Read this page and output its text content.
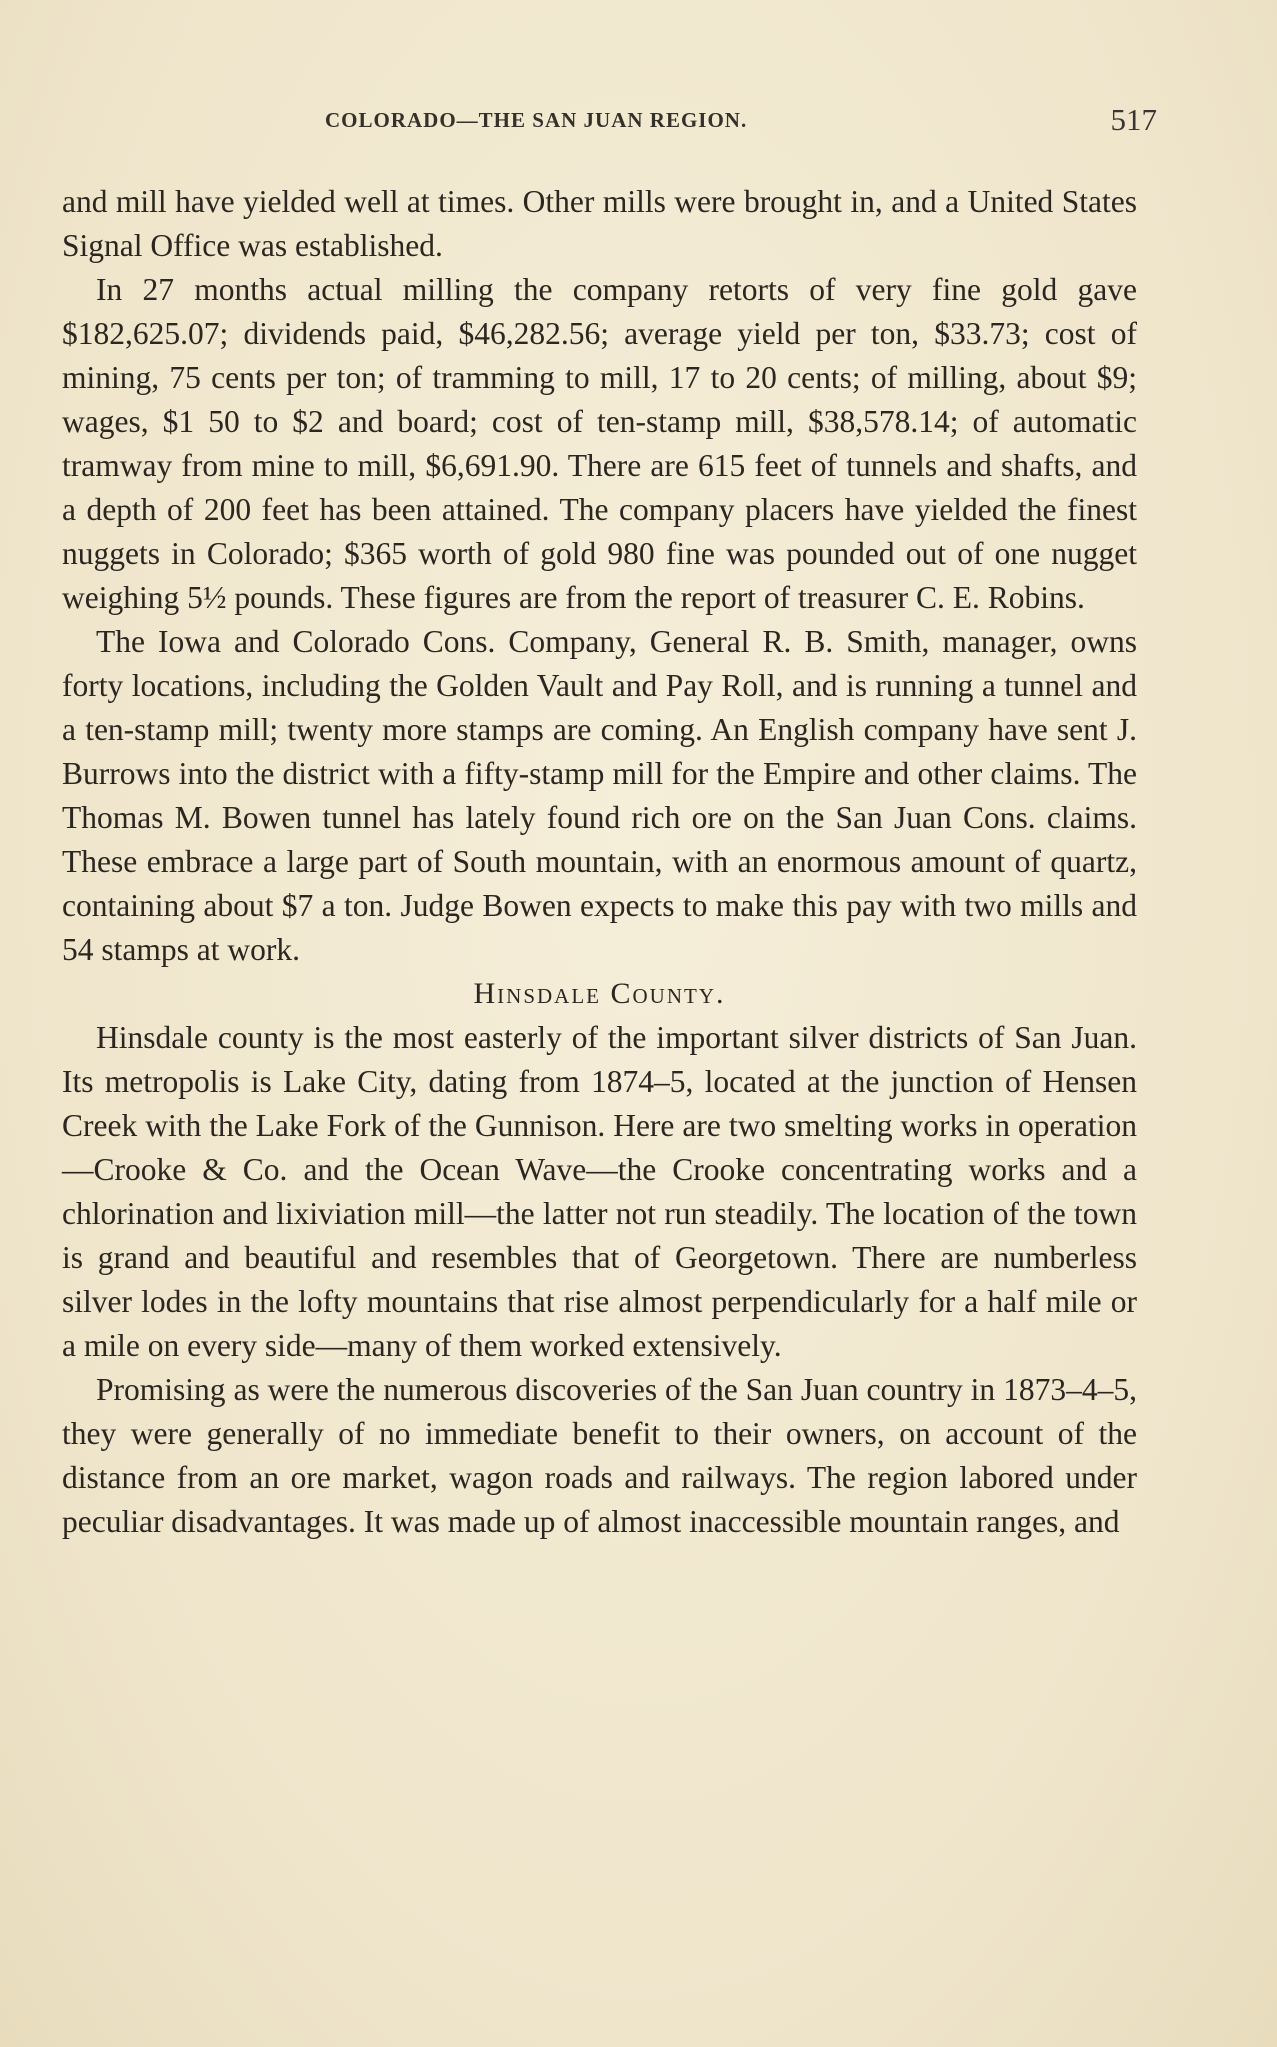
COLORADO—THE SAN JUAN REGION.	517

and mill have yielded well at times. Other mills were brought in, and a United States Signal Office was established.

In 27 months actual milling the company retorts of very fine gold gave $182,625.07; dividends paid, $46,282.56; average yield per ton, $33.73; cost of mining, 75 cents per ton; of tramming to mill, 17 to 20 cents; of milling, about $9; wages, $1 50 to $2 and board; cost of ten-stamp mill, $38,578.14; of automatic tramway from mine to mill, $6,691.90. There are 615 feet of tunnels and shafts, and a depth of 200 feet has been attained. The company placers have yielded the finest nuggets in Colorado; $365 worth of gold 980 fine was pounded out of one nugget weighing 5½ pounds. These figures are from the report of treasurer C. E. Robins.

The Iowa and Colorado Cons. Company, General R. B. Smith, manager, owns forty locations, including the Golden Vault and Pay Roll, and is running a tunnel and a ten-stamp mill; twenty more stamps are coming. An English company have sent J. Burrows into the district with a fifty-stamp mill for the Empire and other claims. The Thomas M. Bowen tunnel has lately found rich ore on the San Juan Cons. claims. These embrace a large part of South mountain, with an enormous amount of quartz, containing about $7 a ton. Judge Bowen expects to make this pay with two mills and 54 stamps at work.

Hinsdale County.

Hinsdale county is the most easterly of the important silver districts of San Juan. Its metropolis is Lake City, dating from 1874–5, located at the junction of Hensen Creek with the Lake Fork of the Gunnison. Here are two smelting works in operation—Crooke & Co. and the Ocean Wave—the Crooke concentrating works and a chlorination and lixiviation mill—the latter not run steadily. The location of the town is grand and beautiful and resembles that of Georgetown. There are numberless silver lodes in the lofty mountains that rise almost perpendicularly for a half mile or a mile on every side—many of them worked extensively.

Promising as were the numerous discoveries of the San Juan country in 1873–4–5, they were generally of no immediate benefit to their owners, on account of the distance from an ore market, wagon roads and railways. The region labored under peculiar disadvantages. It was made up of almost inaccessible mountain ranges, and
